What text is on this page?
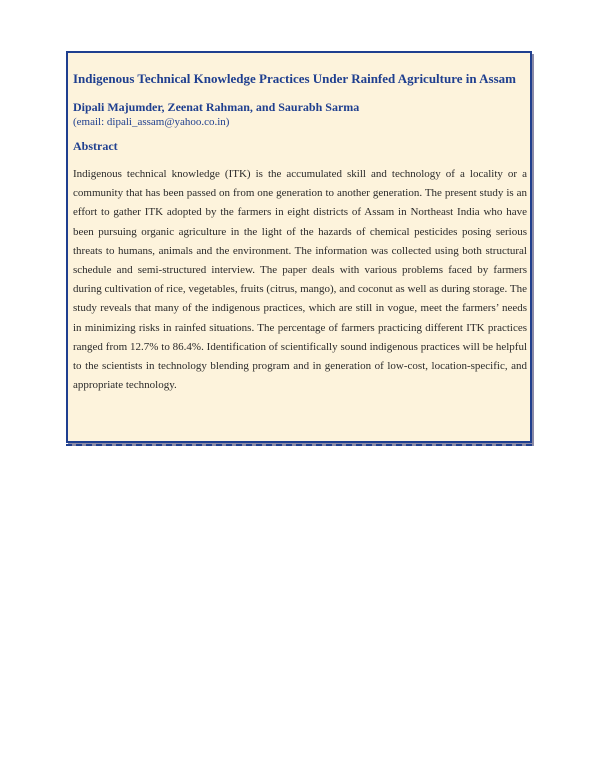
Indigenous Technical Knowledge Practices Under Rainfed Agriculture in Assam

Dipali Majumder, Zeenat Rahman, and Saurabh Sarma

(email: dipali_assam@yahoo.co.in)

Abstract

Indigenous technical knowledge (ITK) is the accumulated skill and technology of a locality or a community that has been passed on from one generation to another generation. The present study is an effort to gather ITK adopted by the farmers in eight districts of Assam in Northeast India who have been pursuing organic agriculture in the light of the hazards of chemical pesticides posing serious threats to humans, animals and the environment. The information was collected using both structural schedule and semi-structured interview. The paper deals with various problems faced by farmers during cultivation of rice, vegetables, fruits (citrus, mango), and coconut as well as during storage. The study reveals that many of the indigenous practices, which are still in vogue, meet the farmers’ needs in minimizing risks in rainfed situations. The percentage of farmers practicing different ITK practices ranged from 12.7% to 86.4%. Identification of scientifically sound indigenous practices will be helpful to the scientists in technology blending program and in generation of low-cost, location-specific, and appropriate technology.
